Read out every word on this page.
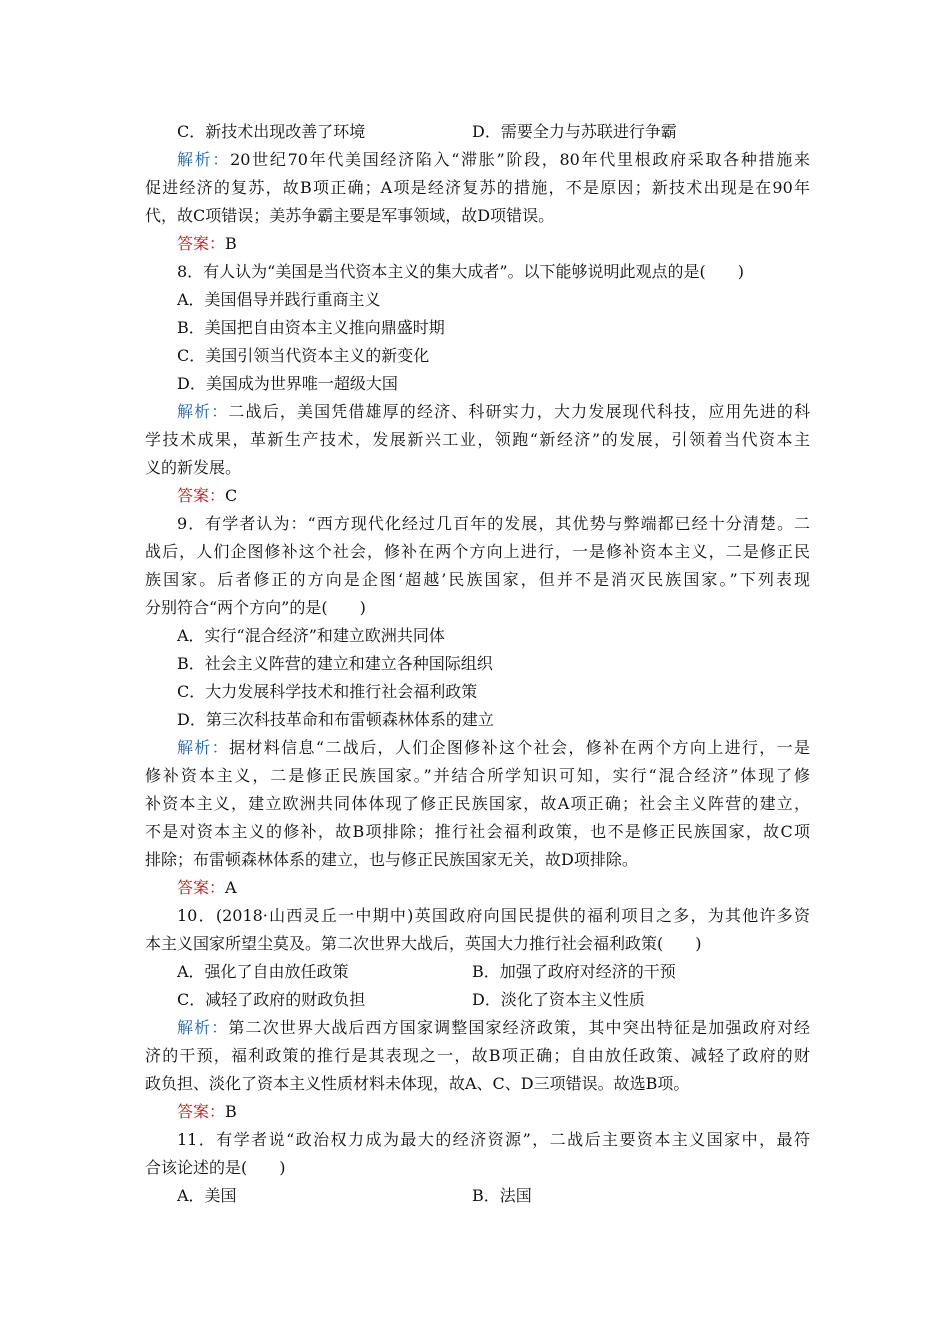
C．新技术出现改善了环境	D．需要全力与苏联进行争霸
解析：20世纪70年代美国经济陷入“滞胀”阶段，80年代里根政府采取各种措施来
促进经济的复苏，故B项正确；A项是经济复苏的措施，不是原因；新技术出现是在90年
代，故C项错误；美苏争霸主要是军事领域，故D项错误。
答案：B
8．有人认为“美国是当代资本主义的集大成者”。以下能够说明此观点的是(　　)
A．美国倡导并践行重商主义
B．美国把自由资本主义推向鼎盛时期
C．美国引领当代资本主义的新变化
D．美国成为世界唯一超级大国
解析：二战后，美国凭借雄厚的经济、科研实力，大力发展现代科技，应用先进的科
学技术成果，革新生产技术，发展新兴工业，领跑“新经济”的发展，引领着当代资本主
义的新发展。
答案：C
9．有学者认为：“西方现代化经过几百年的发展，其优势与弊端都已经十分清楚。二
战后，人们企图修补这个社会，修补在两个方向上进行，一是修补资本主义，二是修正民
族国家。后者修正的方向是企图‘超越’民族国家，但并不是消灭民族国家。”下列表现
分别符合“两个方向”的是(　　)
A．实行“混合经济”和建立欧洲共同体
B．社会主义阵营的建立和建立各种国际组织
C．大力发展科学技术和推行社会福利政策
D．第三次科技革命和布雷顿森林体系的建立
解析：据材料信息“二战后，人们企图修补这个社会，修补在两个方向上进行，一是
修补资本主义，二是修正民族国家。”并结合所学知识可知，实行“混合经济”体现了修
补资本主义，建立欧洲共同体体现了修正民族国家，故A项正确；社会主义阵营的建立，
不是对资本主义的修补，故B项排除；推行社会福利政策，也不是修正民族国家，故C项
排除；布雷顿森林体系的建立，也与修正民族国家无关，故D项排除。
答案：A
10．(2018·山西灵丘一中期中)英国政府向国民提供的福利项目之多，为其他许多资
本主义国家所望尘莫及。第二次世界大战后，英国大力推行社会福利政策(　　)
A．强化了自由放任政策	B．加强了政府对经济的干预
C．减轻了政府的财政负担	D．淡化了资本主义性质
解析：第二次世界大战后西方国家调整国家经济政策，其中突出特征是加强政府对经
济的干预，福利政策的推行是其表现之一，故B项正确；自由放任政策、减轻了政府的财
政负担、淡化了资本主义性质材料未体现，故A、C、D三项错误。故选B项。
答案：B
11．有学者说“政治权力成为最大的经济资源”，二战后主要资本主义国家中，最符
合该论述的是(　　)
A．美国	B．法国
